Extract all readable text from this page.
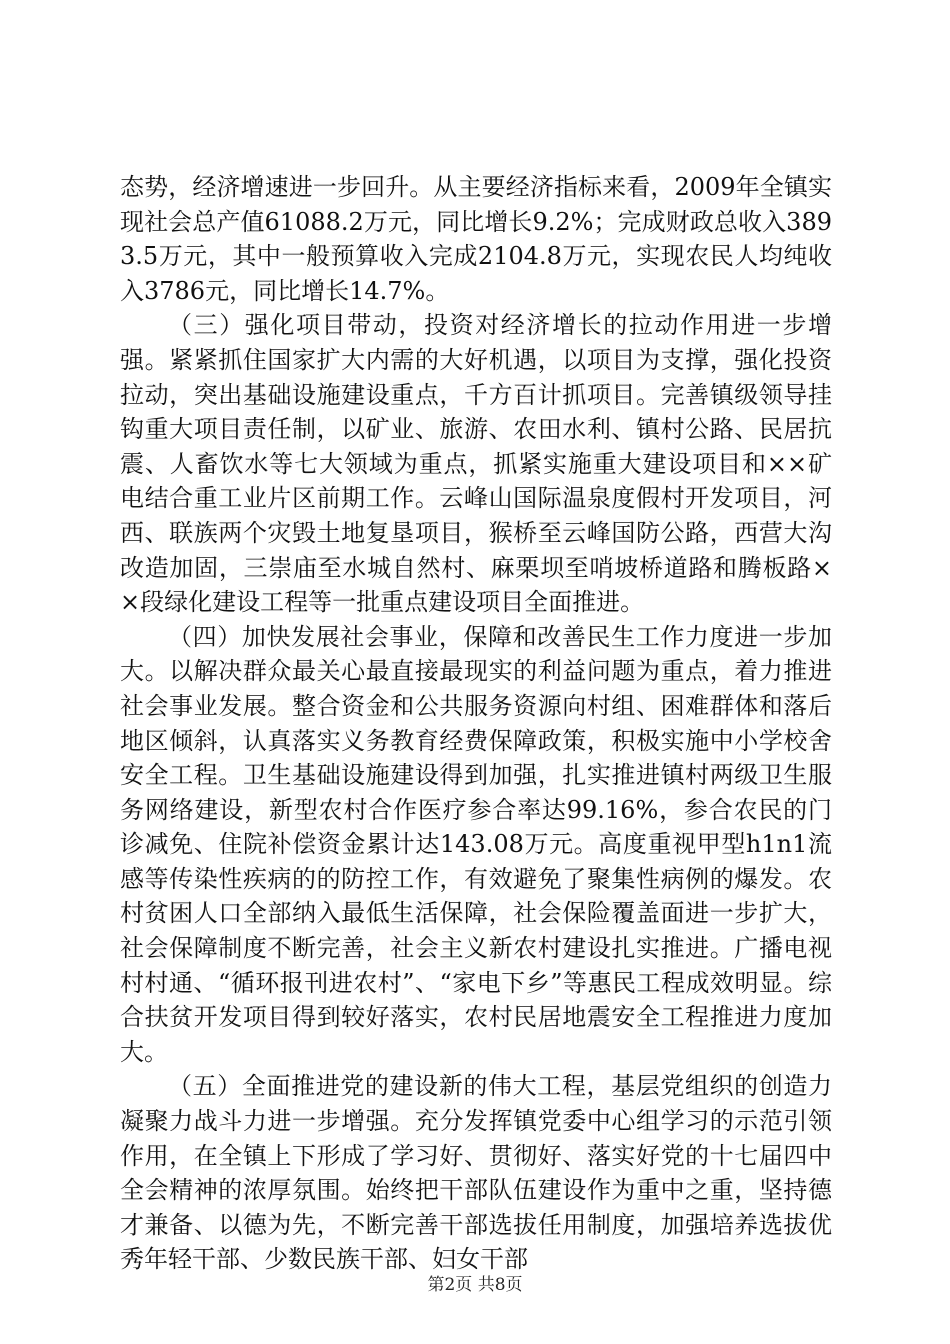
态势，经济增速进一步回升。从主要经济指标来看，2009年全镇实现社会总产值61088.2万元，同比增长9.2%；完成财政总收入3893.5万元，其中一般预算收入完成2104.8万元，实现农民人均纯收入3786元，同比增长14.7%。

（三）强化项目带动，投资对经济增长的拉动作用进一步增强。紧紧抓住国家扩大内需的大好机遇，以项目为支撑，强化投资拉动，突出基础设施建设重点，千方百计抓项目。完善镇级领导挂钩重大项目责任制，以矿业、旅游、农田水利、镇村公路、民居抗震、人畜饮水等七大领域为重点，抓紧实施重大建设项目和××矿电结合重工业片区前期工作。云峰山国际温泉度假村开发项目，河西、联族两个灾毁土地复垦项目，猴桥至云峰国防公路，西营大沟改造加固，三崇庙至水城自然村、麻栗坝至哨坡桥道路和腾板路××段绿化建设工程等一批重点建设项目全面推进。

（四）加快发展社会事业，保障和改善民生工作力度进一步加大。以解决群众最关心最直接最现实的利益问题为重点，着力推进社会事业发展。整合资金和公共服务资源向村组、困难群体和落后地区倾斜，认真落实义务教育经费保障政策，积极实施中小学校舍安全工程。卫生基础设施建设得到加强，扎实推进镇村两级卫生服务网络建设，新型农村合作医疗参合率达99.16%，参合农民的门诊减免、住院补偿资金累计达143.08万元。高度重视甲型h1n1流感等传染性疾病的的防控工作，有效避免了聚集性病例的爆发。农村贫困人口全部纳入最低生活保障，社会保险覆盖面进一步扩大，社会保障制度不断完善，社会主义新农村建设扎实推进。广播电视村村通、“循环报刊进农村”、“家电下乡”等惠民工程成效明显。综合扶贫开发项目得到较好落实，农村民居地震安全工程推进力度加大。

（五）全面推进党的建设新的伟大工程，基层党组织的创造力凝聚力战斗力进一步增强。充分发挥镇党委中心组学习的示范引领作用，在全镇上下形成了学习好、贯彻好、落实好党的十七届四中全会精神的浓厚氛围。始终把干部队伍建设作为重中之重，坚持德才兼备、以德为先，不断完善干部选拔任用制度，加强培养选拔优秀年轻干部、少数民族干部、妇女干部

第2页 共8页
